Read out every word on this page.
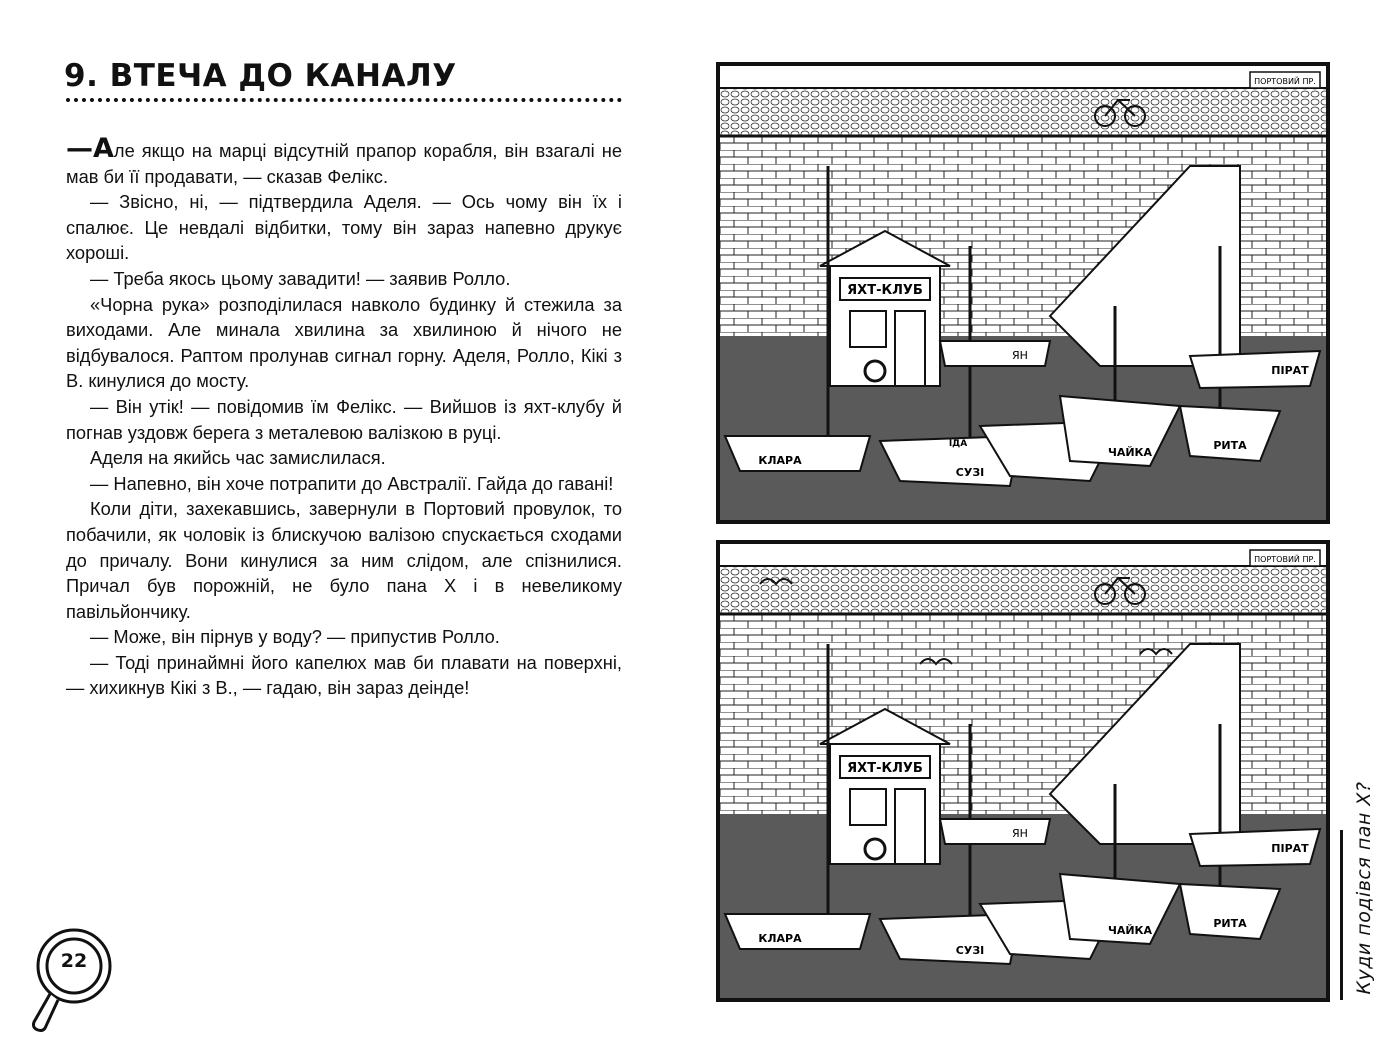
9. ВТЕЧА ДО КАНАЛУ

—Але якщо на марці відсутній прапор корабля, він взагалі не мав би її продавати, — сказав Фелікс.

— Звісно, ні, — підтвердила Аделя. — Ось чому він їх і спалює. Це невдалі відбитки, тому він зараз напевно друкує хороші.

— Треба якось цьому завадити! — заявив Ролло.

«Чорна рука» розподілилася навколо будинку й стежила за виходами. Але минала хвилина за хвилиною й нічого не відбувалося. Раптом пролунав сигнал горну. Аделя, Ролло, Кікі з В. кинулися до мосту.

— Він утік! — повідомив їм Фелікс. — Вийшов із яхт-клубу й погнав уздовж берега з металевою валізкою в руці.

Аделя на якийсь час замислилася.

— Напевно, він хоче потрапити до Австралії. Гайда до гавані!

Коли діти, захекавшись, завернули в Портовий провулок, то побачили, як чоловік із блискучою валізою спускається сходами до причалу. Вони кинулися за ним слідом, але спізнилися. Причал був порожній, не було пана Х і в невеликому павільйончику.

— Може, він пірнув у воду? — припустив Ролло.

— Тоді принаймні його капелюх мав би плавати на поверхні, — хихикнув Кікі з В., — гадаю, він зараз деінде!

22
ЯХТ-КЛУБ
КЛАРА
СУЗІ
ЧАЙКА
РИТА
ЯН
ПІРАТ
ІДА
ПОРТОВИЙ ПР.
ЯХТ-КЛУБ
КЛАРА
СУЗІ
ЧАЙКА
РИТА
ЯН
ПІРАТ
ПОРТОВИЙ ПР.
Куди подівся пан Х?
